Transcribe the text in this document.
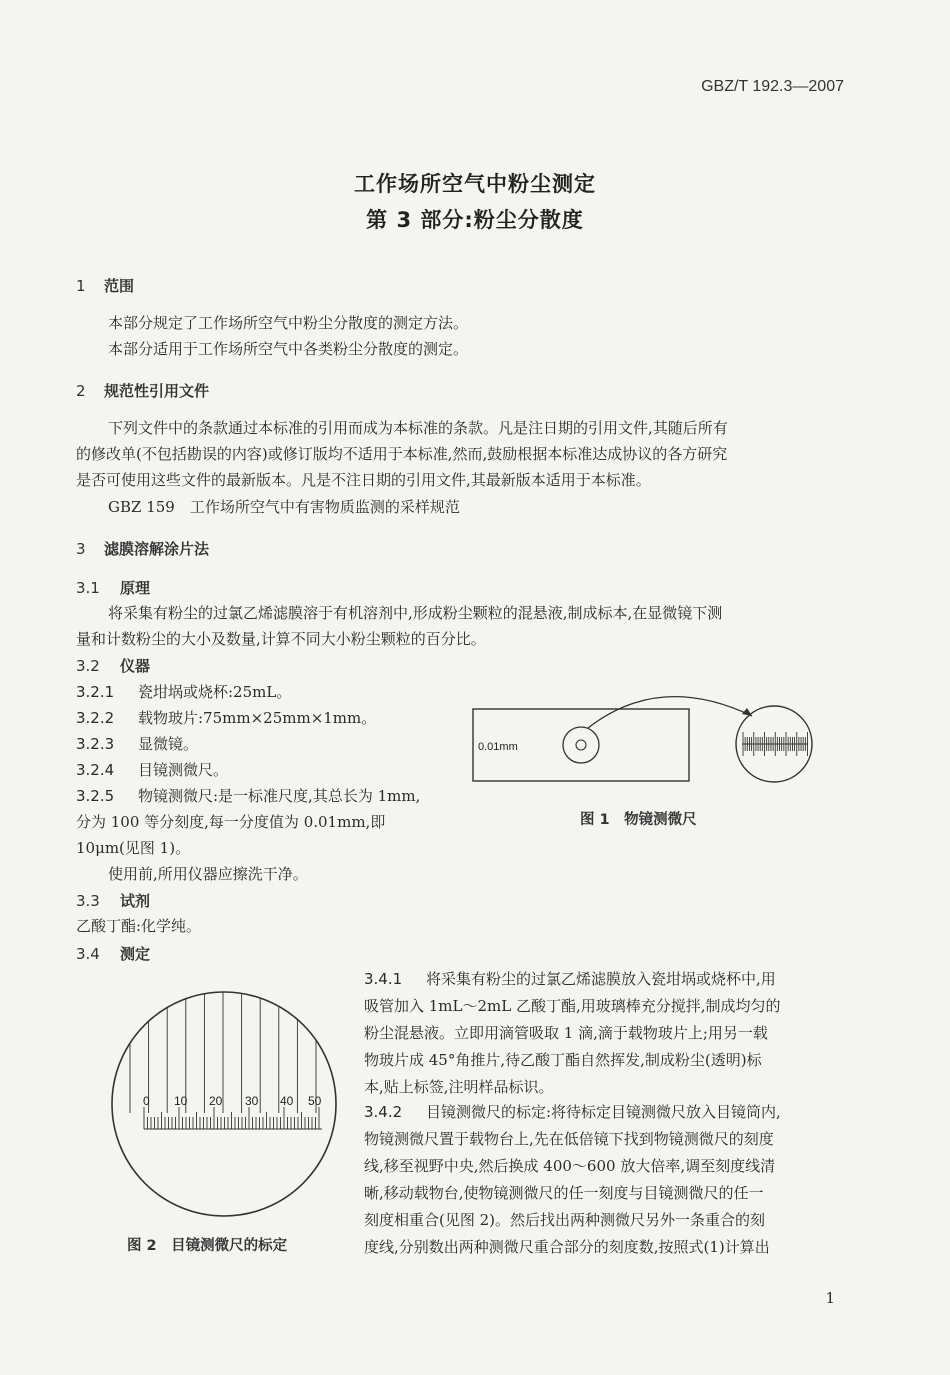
GBZ/T 192.3—2007
工作场所空气中粉尘测定
第 3 部分:粉尘分散度
1 范围
本部分规定了工作场所空气中粉尘分散度的测定方法。
本部分适用于工作场所空气中各类粉尘分散度的测定。
2 规范性引用文件
下列文件中的条款通过本标准的引用而成为本标准的条款。凡是注日期的引用文件,其随后所有
的修改单(不包括勘误的内容)或修订版均不适用于本标准,然而,鼓励根据本标准达成协议的各方研究
是否可使用这些文件的最新版本。凡是不注日期的引用文件,其最新版本适用于本标准。
GBZ 159　工作场所空气中有害物质监测的采样规范
3 滤膜溶解涂片法
3.1 原理
将采集有粉尘的过氯乙烯滤膜溶于有机溶剂中,形成粉尘颗粒的混悬液,制成标本,在显微镜下测
量和计数粉尘的大小及数量,计算不同大小粉尘颗粒的百分比。
3.2 仪器
3.2.1 瓷坩埚或烧杯:25mL。
3.2.2 载物玻片:75mm×25mm×1mm。
3.2.3 显微镜。
3.2.4 目镜测微尺。
3.2.5 物镜测微尺:是一标准尺度,其总长为 1mm,
分为 100 等分刻度,每一分度值为 0.01mm,即
10μm(见图 1)。
使用前,所用仪器应擦洗干净。
0.01mm
图 1　物镜测微尺
3.3 试剂
乙酸丁酯:化学纯。
3.4 测定
0 10 20 30 40 50
图 2　目镜测微尺的标定
3.4.1 将采集有粉尘的过氯乙烯滤膜放入瓷坩埚或烧杯中,用
吸管加入 1mL～2mL 乙酸丁酯,用玻璃棒充分搅拌,制成均匀的
粉尘混悬液。立即用滴管吸取 1 滴,滴于载物玻片上;用另一载
物玻片成 45°角推片,待乙酸丁酯自然挥发,制成粉尘(透明)标
本,贴上标签,注明样品标识。
3.4.2 目镜测微尺的标定:将待标定目镜测微尺放入目镜筒内,
物镜测微尺置于载物台上,先在低倍镜下找到物镜测微尺的刻度
线,移至视野中央,然后换成 400～600 放大倍率,调至刻度线清
晰,移动载物台,使物镜测微尺的任一刻度与目镜测微尺的任一
刻度相重合(见图 2)。然后找出两种测微尺另外一条重合的刻
度线,分别数出两种测微尺重合部分的刻度数,按照式(1)计算出
1
